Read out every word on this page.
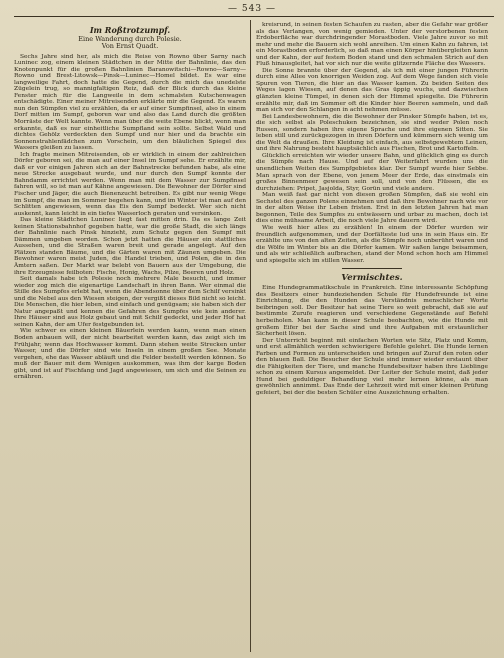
— 543 —
Im Roßtrotzumpf.
Eine Wanderung durch Polesie.
Von Ernst Quadt.

Sechs Jahre sind her, als mich die Reise von Rowno über Sarny nach Luninec zog, einem kleinen Städtchen in der Mitte der Bahnlinie, das den Knotenpunkt für die großen Bahnlinien Baranowitschi—Rowno—Sarny—Rowno und Brest-Litowsk—Pinsk—Luninec—Homel bildet. Es war eine langweilige Fahrt, doch hatte die Gegend, durch die mich das unedelste Zügelein trug, so mannigfaltigen Reiz, daß der Blick durch das kleine Fenster mich für die Langweile in dem schmalsten Kutschenwagen entschädigte. Einer meiner Mitreisenden erklärte mir die Gegend. Es waren nun den Sümpfen viel zu erzählen, da er auf einer Sumpfinsel, also in einem Dorf mitten im Sumpf, geboren war und also das Land durch die größten Morräste der Welt kannte. Wenn man über die weite Ebene blickt, wenn man erkannte, daß es nur einheitliche Sumpfland sein sollte. Selbst Wald und dichtes Gehölz verdeckten den Sumpf und nur hier und da brachte ein Sonnenstrahlenfädchen zum Vorschein, um den bläulichen Spiegel des Wassers gleißen zu lassen.

Ich fragte meinen Mitreisenden, ob er wirklich in einem der zahlreichen Dörfer geboren sei, die man auf einer Insel im Sumpf sehe. Er erzählte mir, daß er vor einigen Jahren sich an der Bahnstrecke befunden habe, als eine neue Strecke ausgebaut wurde, und nur durch den Sumpf konnte der Bahndamm errichtet werden. Wenn man mit dem Wasser zur Sumpfinsel fahren will, so ist man auf Kähne angewiesen. Die Bewohner der Dörfer sind Fischer und Jäger, die auch Bienenzucht betreiben. Es gibt nur wenig Wege im Sumpf, die man im Sommer begehen kann, und im Winter ist man auf den Schlitten angewiesen, wenn das Eis den Sumpf bedeckt. Wer sich nicht auskennt, kann leicht in ein tiefes Wasserloch geraten und versinken.

Das kleine Städtchen Luninec liegt fast mitten drin. Da es lange Zeit keinen Stationsbahnhof gegeben hatte, war die große Stadt, die sich längs der Bahnlinie nach Pinsk hinzieht, zum Schutz gegen den Sumpf mit Dämmen umgeben worden. Schon jetzt hatten die Häuser ein stattliches Aussehen, und die Straßen waren breit und gerade angelegt. Auf den Plätzen standen Bäume, und die Gärten waren mit Zäunen umgeben. Die Bewohner waren meist Juden, die Handel trieben, und Polen, die in den Ämtern saßen. Der Markt war belebt von Bauern aus der Umgebung, die ihre Erzeugnisse feilboten: Fische, Honig, Wachs, Pilze, Beeren und Holz.

Seit damals habe ich Polesie noch mehrere Male besucht, und immer wieder zog mich die eigenartige Landschaft in ihren Bann. Wer einmal die Stille des Sumpfes erlebt hat, wenn die Abendsonne über dem Schilf versinkt und die Nebel aus den Wiesen steigen, der vergißt dieses Bild nicht so leicht. Die Menschen, die hier leben, sind einfach und genügsam; sie haben sich der Natur angepaßt und kennen die Gefahren des Sumpfes wie kein anderer. Ihre Häuser sind aus Holz gebaut und mit Schilf gedeckt, und jeder Hof hat seinen Kahn, der am Ufer festgebunden ist.

Wie schwer es einen kleinen Bäuerlein werden kann, wenn man einen Boden anbauen will, der nicht bearbeitet werden kann, das zeigt sich im Frühjahr, wenn das Hochwasser kommt. Dann stehen weite Strecken unter Wasser, und die Dörfer sind wie Inseln in einem großen See. Monate vergehen, ehe das Wasser abläuft und die Felder bestellt werden können. So muß der Bauer mit dem Wenigen auskommen, was ihm der karge Boden gibt, und ist auf Fischfang und Jagd angewiesen, um sich und die Seinen zu ernähren.

kreisrund, in seinen festen Schaufen zu rasten, aber die Gefahr war größer als das Verlangen, von wenig gemieden. Unter der verstorbenen festen Erdoberfläche war durchdringender Morastboden. Viele Jahre zuvor so mit mehr und mehr die Bauern sich wohl anreihen. Um einen Kahn zu fahren, ist ein Morastboden erforderlich, so daß man einen Körper hinübergleiten kann und der Kahn, der auf festem Boden stand und den schmalen Strich auf den Fluß hinausgleitet, hat vor sich nur die weite glitzernde Fläche des Wassers.

Die Sonne brannte über der Gegend, als ich mit einer jungen Führerin durch eine Allee von knorrigen Weiden zog. Auf dem Wege fanden sich viele Spuren von Tieren, die hier an das Wasser kamen. Zu beiden Seiten des Weges lagen Wiesen, auf denen das Gras üppig wuchs, und dazwischen glänzten kleine Tümpel, in denen sich der Himmel spiegelte. Die Führerin erzählte mir, daß im Sommer oft die Kinder hier Beeren sammeln, und daß man sich vor den Schlangen in acht nehmen müsse.

Bei Landesbewohnern, die die Bewohner der Pinsker Sümpfe haben, ist es, die sich selbst als Poleschuken bezeichnen, sie sind weder Polen noch Russen, sondern haben ihre eigene Sprache und ihre eigenen Sitten. Sie leben still und zurückgezogen in ihren Dörfern und kümmern sich wenig um die Welt da draußen. Ihre Kleidung ist einfach, aus selbstgewebtem Leinen, und ihre Nahrung besteht hauptsächlich aus Fischen, Brot und Kartoffeln.

Glücklich erreichten wir wieder unsere Bahn, und glücklich ging es durch die Sümpfe nach Hause. Und auf der Weiterfahrt wurden uns die unendlichen Weiten des Sumpfgebietes klar. Der Sumpf wurde hier Sebbe. Man sprach von der Ebene, von jenem Meer der Erde, das einstmals ein großes Binnenmeer gewesen sein soll, und von den Flüssen, die es durchziehen: Pripet, Jasjolda, Styr, Gorün und viele andere.

Man weiß fast gar nicht von diesen großen Sümpfen, daß sie wohl ein Sechstel des ganzen Polens einnehmen und daß ihre Bewohner nach wie vor in der alten Weise ihr Leben fristen. Erst in den letzten Jahren hat man begonnen, Teile des Sumpfes zu entwässern und urbar zu machen, doch ist dies eine mühsame Arbeit, die noch viele Jahre dauern wird.

Wie weiß hier alles zu erzählen! In einem der Dörfer wurden wir freundlich aufgenommen, und der Dorfälteste lud uns in sein Haus ein. Er erzählte uns von den alten Zeiten, als die Sümpfe noch unberührt waren und die Wölfe im Winter bis an die Dörfer kamen. Wir saßen lange beisammen, und als wir schließlich aufbrachen, stand der Mond schon hoch am Himmel und spiegelte sich im stillen Wasser.

Vermischtes.

Eine Hundegrammatikschule in Frankreich. Eine interessante Schöpfung des Besitzers einer hundeziehenden Schule für Hundefreunde ist eine Einrichtung, die den Hunden das Verständnis menschlicher Worte beibringen soll. Der Besitzer hat seine Tiere so weit gebracht, daß sie auf bestimmte Zurufe reagieren und verschiedene Gegenstände auf Befehl herbeiholen. Man kann in dieser Schule beobachten, wie die Hunde mit großem Eifer bei der Sache sind und ihre Aufgaben mit erstaunlicher Sicherheit lösen.

Der Unterricht beginnt mit einfachen Worten wie Sitz, Platz und Komm, und erst allmählich werden schwierigere Befehle gelehrt. Die Hunde lernen Farben und Formen zu unterscheiden und bringen auf Zuruf den roten oder den blauen Ball. Die Besucher der Schule sind immer wieder erstaunt über die Fähigkeiten der Tiere, und manche Hundebesitzer haben ihre Lieblinge schon zu einem Kursus angemeldet. Der Leiter der Schule meint, daß jeder Hund bei geduldiger Behandlung viel mehr lernen könne, als man gewöhnlich annimmt. Das Ende der Lehrzeit wird mit einer kleinen Prüfung gefeiert, bei der die besten Schüler eine Auszeichnung erhalten.
